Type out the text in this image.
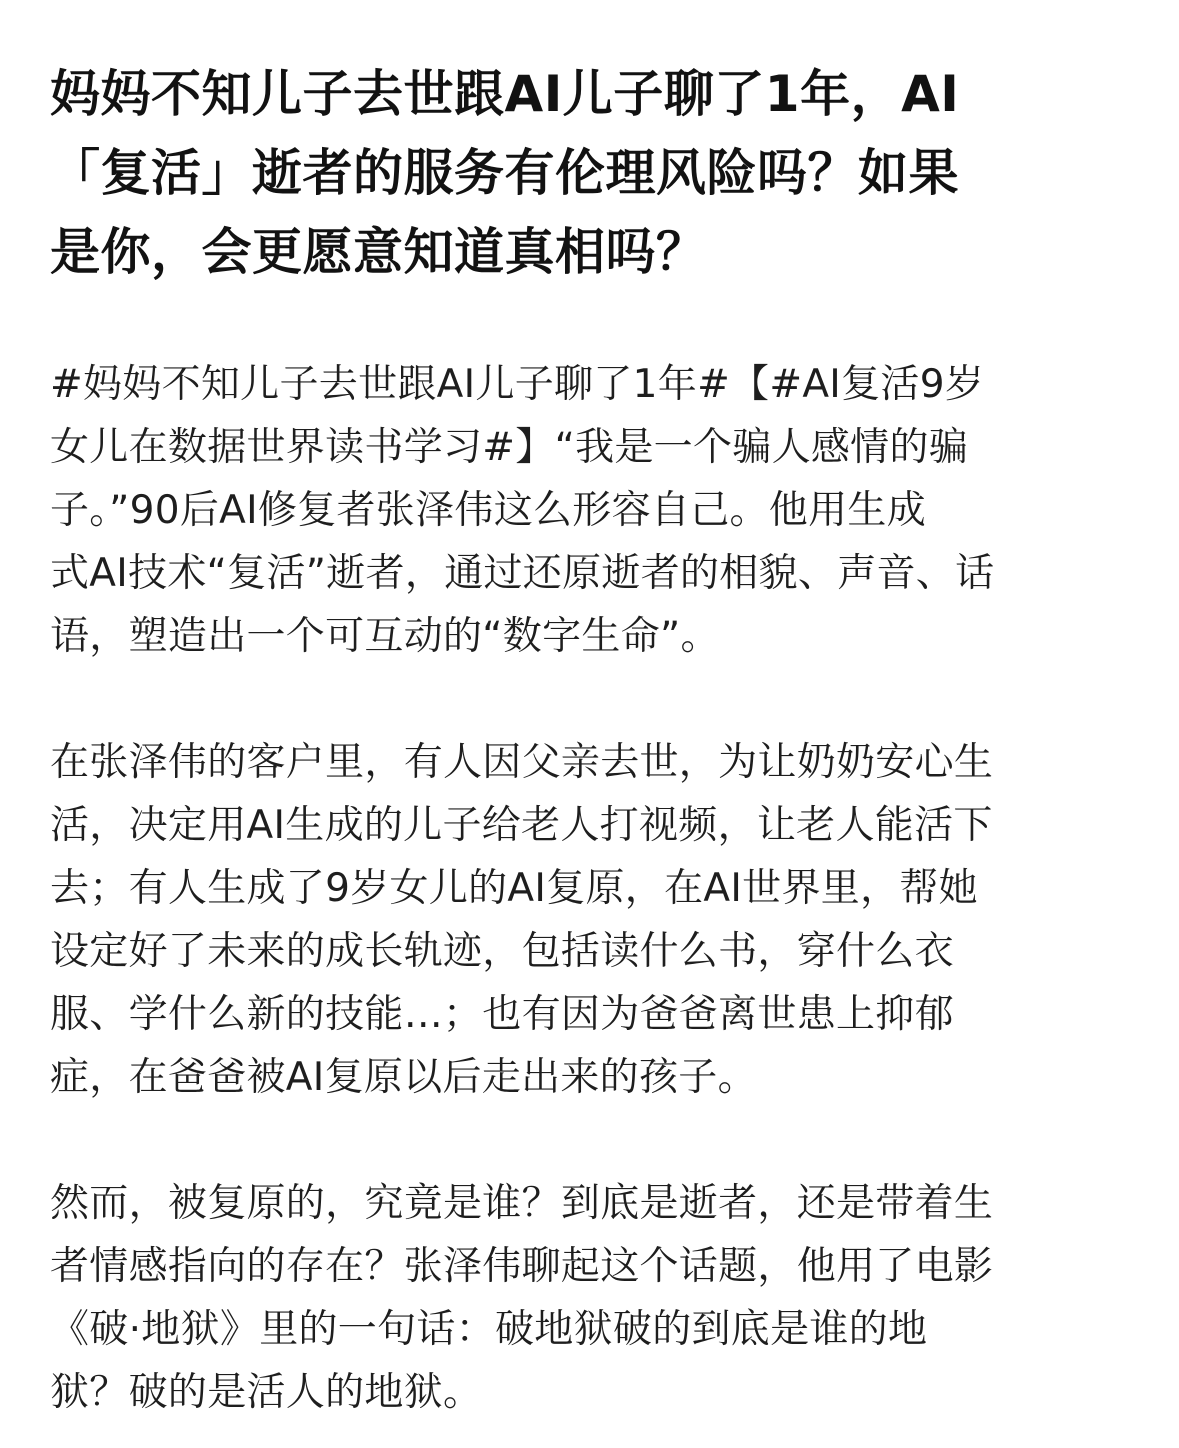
妈妈不知儿子去世跟AI儿子聊了1年，AI
「复活」逝者的服务有伦理风险吗？如果
是你，会更愿意知道真相吗？
#妈妈不知儿子去世跟AI儿子聊了1年#【#AI复活9岁
女儿在数据世界读书学习#】“我是一个骗人感情的骗
子。”90后AI修复者张泽伟这么形容自己。他用生成
式AI技术“复活”逝者，通过还原逝者的相貌、声音、话
语，塑造出一个可互动的“数字生命”。
在张泽伟的客户里，有人因父亲去世，为让奶奶安心生
活，决定用AI生成的儿子给老人打视频，让老人能活下
去；有人生成了9岁女儿的AI复原，在AI世界里，帮她
设定好了未来的成长轨迹，包括读什么书，穿什么衣
服、学什么新的技能…；也有因为爸爸离世患上抑郁
症，在爸爸被AI复原以后走出来的孩子。
然而，被复原的，究竟是谁？到底是逝者，还是带着生
者情感指向的存在？张泽伟聊起这个话题，他用了电影
《破·地狱》里的一句话：破地狱破的到底是谁的地
狱？破的是活人的地狱。
